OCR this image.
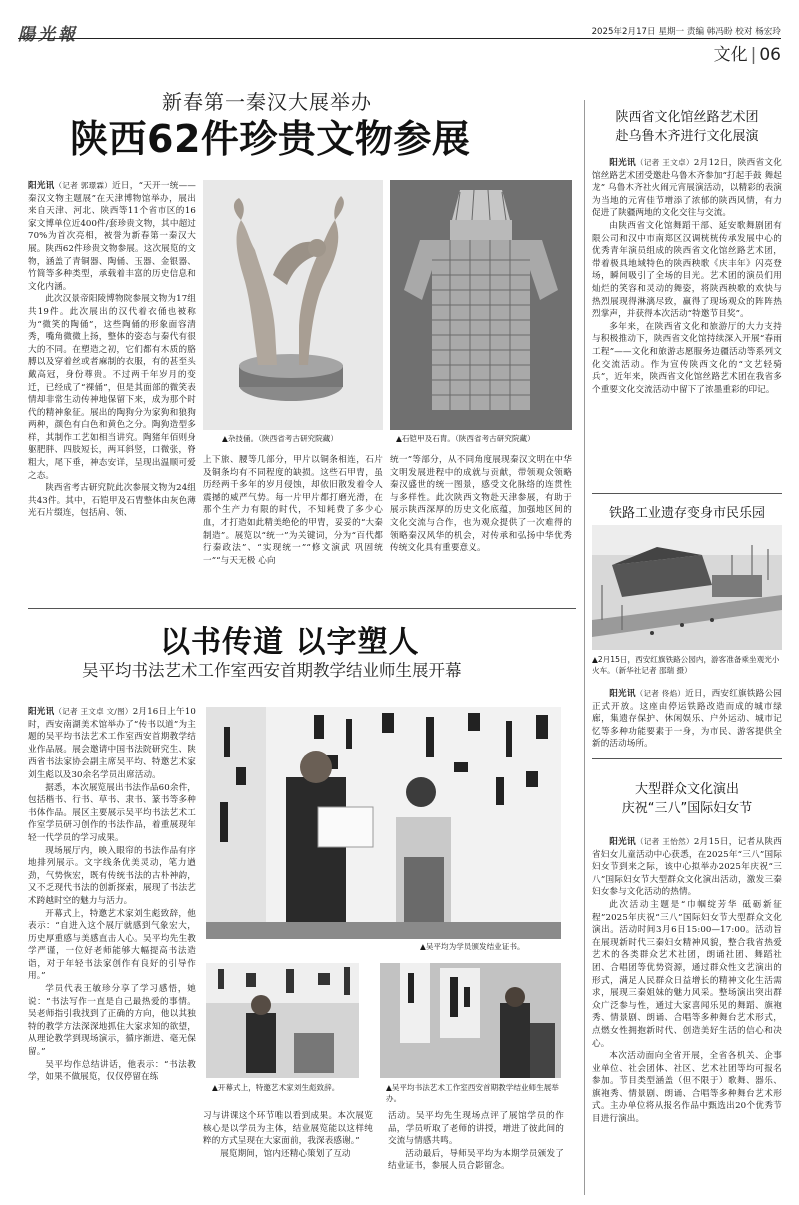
陽光報	2025年2月17日 星期一 责编 韩冯盼 校对 杨宏玲
文化 | 06
新春第一秦汉大展举办
陕西62件珍贵文物参展

阳光讯（记者 郭璟霖）近日，“天开一统——秦汉文物主题展”在天津博物馆举办，展出来自天津、河北、陕西等11个省市区的16家文博单位近400件/套珍贵文物，其中超过70%为首次亮相，被誉为新春第一秦汉大展。陕西62件珍贵文物参展。这次展览的文物，涵盖了青铜器、陶俑、玉器、金银器、竹简等多种类型，承载着丰富的历史信息和文化内涵。

此次汉景帝阳陵博物院参展文物为17组共19件。此次展出的汉代着衣俑也被称为“微笑的陶俑”，这些陶俑的形象面容清秀，嘴角微微上扬，整体的姿态与秦代有很大的不同。在塑造之初，它们都有木质的胳膊以及穿着丝或者麻制的衣服，有的甚至头戴高冠，身份尊贵。不过两千年岁月的变迁，已经成了“裸俑”，但是其面部的微笑表情却非常生动传神地保留下来，成为那个时代的精神象征。展出的陶狗分为家狗和狼狗两种，颜色有白色和黄色之分。陶狗造型多样，其制作工艺如相当讲究。陶猪年佰则身躯肥胖、四肢短长，两耳斜竖，口微张，脊粗大，尾下垂，神态安详，呈现出温顺可爱之态。

陕西省考古研究院此次参展文物为24组共43件。其中，石铠甲及石胄整体由灰色薄光石片缀连，包括肩、领、

▲杂技俑。（陕西省考古研究院藏）	▲石铠甲及石胄。（陕西省考古研究院藏）

上下旅、腰等几部分，甲片以铜条相连，石片及铜条均有不同程度的缺损。这些石甲胄，虽历经两千多年的岁月侵蚀，却依旧散发着令人震撼的威严气势。每一片甲片都打磨光滑，在那个生产力有限的时代，不知耗费了多少心血，才打造如此精美绝伦的甲胄，妥妥的“大秦制造”。展览以“统一”为关键词，分为“百代都行秦政法”、“实现统一”“修文演武 巩固统一”“与天无极 心向

统一”等部分，从不同角度展现秦汉文明在中华文明发展进程中的成就与贡献，带领观众领略秦汉盛世的统一图景，感受文化脉络的连贯性与多样性。此次陕西文物赴天津参展，有助于展示陕西深厚的历史文化底蕴，加强地区间的文化交流与合作，也为观众提供了一次难得的领略秦汉风华的机会，对传承和弘扬中华优秀传统文化具有重要意义。

以书传道 以字塑人
吴平均书法艺术工作室西安首期教学结业师生展开幕

阳光讯（记者 王文卓 文/图）2月16日上午10时，西安南湖美术馆举办了“传书以道”为主题的吴平均书法艺术工作室西安首期教学结业作品展。展会邀请中国书法院研究生、陕西省书法家协会副主席吴平均、特邀艺术家刘生彪以及30余名学员出席活动。

据悉，本次展览展出书法作品60余件，包括楷书、行书、草书、隶书、篆书等多种书体作品。展区主要展示吴平均书法艺术工作室学员研习创作的书法作品，着重展现年轻一代学员的学习成果。

现场展厅内，映入眼帘的书法作品有序地排列展示。文字线条优美灵动，笔力遒劲，气势恢宏，既有传统书法的古朴神韵，又不乏现代书法的创新探索，展现了书法艺术跨越时空的魅力与活力。

开幕式上，特邀艺术家刘生彪致辞，他表示：“自进入这个展厅就感到气象宏大，历史厚重感与美感直击人心。吴平均先生教学严谨，一位好老师能够大幅提高书法造诣，对于年轻书法家创作有良好的引导作用。”

学员代表王敏珍分享了学习感悟，她说：“书法写作一直是自己最热爱的事情。吴老师指引我找到了正确的方向，他以其独特的教学方法深深地抓住大家求知的欲望，从理论教学到现场演示，循序渐进、毫无保留。”

吴平均作总结讲话，他表示：“书法教学，如果不做展览，仅仅停留在练

▲吴平均为学员颁发结业证书。
▲开幕式上，特邀艺术家刘生彪致辞。	▲吴平均书法艺术工作室西安首期教学结业师生展举办。

习与讲课这个环节唯以看到成果。本次展览核心是以学员为主体，结业展览能以这样纯粹的方式呈现在大家面前，我深表感谢。”

展览期间，馆内还精心策划了互动

活动。吴平均先生现场点评了展馆学员的作品，学员听取了老师的讲授，增进了彼此间的交流与情感共鸣。

活动最后，导师吴平均为本期学员颁发了结业证书，参展人员合影留念。

陕西省文化馆丝路艺术团
赴乌鲁木齐进行文化展演

阳光讯（记者 王文卓）2月12日，陕西省文化馆丝路艺术团受邀赴乌鲁木齐参加“打起手鼓 舞起龙” 乌鲁木齐社火闹元宵展演活动，以精彩的表演为当地的元宵佳节增添了浓郁的陕西风情，有力促进了陕疆两地的文化交往与交流。

由陕西省文化馆舞蹈干部、延安歌舞剧团有限公司和汉中市南郑区汉调桄桄传承发展中心的优秀青年演员组成的陕西省文化馆丝路艺术团，带着极具地域特色的陕西秧歌《庆丰年》闪亮登场，瞬间吸引了全场的目光。艺术团的演员们用灿烂的笑容和灵动的舞姿，将陕西秧歌的欢快与热烈展现得淋漓尽致，赢得了现场观众的阵阵热烈掌声，并获得本次活动“特邀节目奖”。

多年来，在陕西省文化和旅游厅的大力支持与积极推动下，陕西省文化馆持续深入开展“春雨工程”——文化和旅游志愿服务边疆活动等系列文化交流活动。作为宣传陕西文化的“文艺轻骑兵”，近年来，陕西省文化馆丝路艺术团在我省多个重要文化交流活动中留下了浓墨重彩的印记。

铁路工业遗存变身市民乐园
▲2月15日，西安红旗铁路公园内，游客准备乘坐观光小火车。（新华社记者 邵瑞 摄）

阳光讯（记者 佟焰）近日，西安红旗铁路公园正式开放。这座由停运铁路改造而成的城市绿廊，集遗存保护、休闲娱乐、户外运动、城市记忆等多种功能要素于一身，为市民、游客提供全新的活动场所。

大型群众文化演出
庆祝“三八”国际妇女节

阳光讯（记者 王怡然）2月15日，记者从陕西省妇女儿童活动中心获悉，在2025年“三八”国际妇女节到来之际，该中心拟举办2025年庆祝“三八”国际妇女节大型群众文化演出活动，激发三秦妇女参与文化活动的热情。

此次活动主题是“巾帼绽芳华 砥砺新征程”2025年庆祝“三八”国际妇女节大型群众文化演出。活动时间3月6日15:00—17:00。活动旨在展现新时代三秦妇女精神风貌，整合我省热爱艺术的各类群众艺术社团，朗诵社团、舞蹈社团、合唱团等优势资源，通过群众性文艺演出的形式，满足人民群众日益增长的精神文化生活需求，展现三秦姐妹的魅力风采。整场演出突出群众广泛参与性，通过大家喜闻乐见的舞蹈、旗袍秀、情景剧、朗诵、合唱等多种舞台艺术形式，点燃女性拥抱新时代、创造美好生活的信心和决心。

本次活动面向全省开展，全省各机关、企事业单位、社会团体、社区、艺术社团等均可报名参加。节目类型涵盖（但不限于）歌舞、器乐、旗袍秀、情景剧、朗诵、合唱等多种舞台艺术形式。主办单位将从报名作品中甄选出20个优秀节目进行演出。
